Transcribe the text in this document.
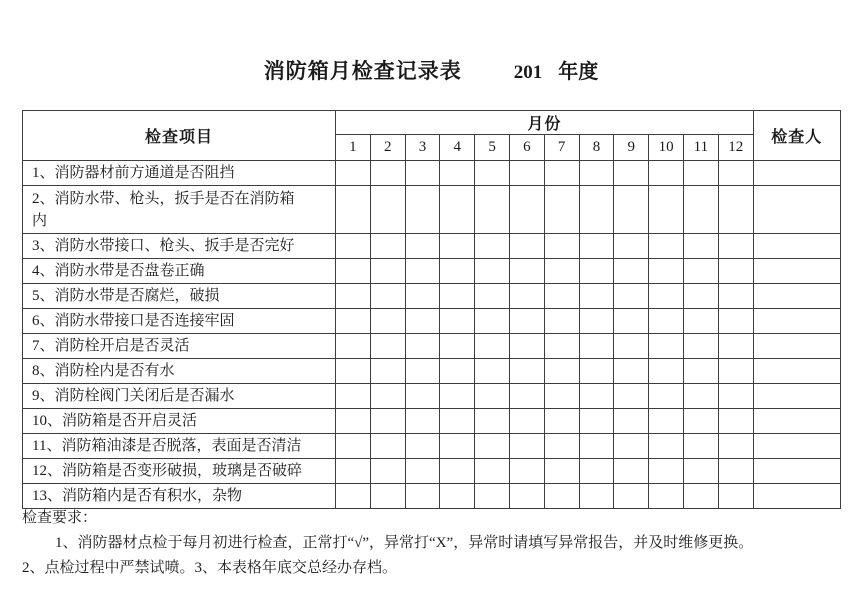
消防箱月检查记录表	201 年度
检查项目	月份												检查人
	1	2	3	4	5	6	7	8	9	10	11	12	
1、消防器材前方通道是否阻挡													
2、消防水带、枪头，扳手是否在消防箱内													
3、消防水带接口、枪头、扳手是否完好													
4、消防水带是否盘卷正确													
5、消防水带是否腐烂，破损													
6、消防水带接口是否连接牢固													
7、消防栓开启是否灵活													
8、消防栓内是否有水													
9、消防栓阀门关闭后是否漏水													
10、消防箱是否开启灵活													
11、消防箱油漆是否脱落，表面是否清洁													
12、消防箱是否变形破损，玻璃是否破碎													
13、消防箱内是否有积水，杂物													
检查要求：
1、消防器材点检于每月初进行检查，正常打“√”，异常打“X”，异常时请填写异常报告，并及时维修更换。
2、点检过程中严禁试喷。3、本表格年底交总经办存档。
